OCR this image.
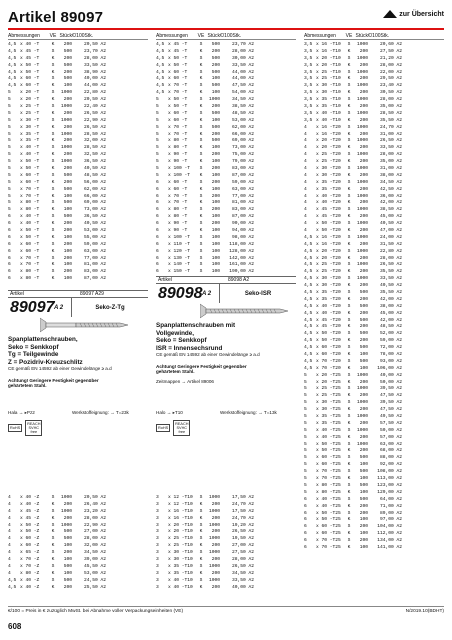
Artikel 89097	zur Übersicht
Abmessungen	VE Stück €/100Stk.
4,5 x 40 -T	K	200	20,50 A2
4,5 x 45 -T	S	500	23,70 A2
4,5 x 45 -T	K	200	28,00 A2
4,5 x 50 -T	S	500	33,50 A2
4,5 x 50 -T	K	200	38,90 A2
4,5 x 60 -T	S	500	40,00 A2
4,5 x 60 -T	K	100	44,00 A2
5	x 20 -T	S	1000	22,80 A2
5	x 20 -T	K	200	20,50 A2
5	x 25 -T	S	1000	22,40 A2
5	x 25 -T	K	200	26,50 A2
5	x 30 -T	S	1000	22,90 A2
5	x 30 -T	K	200	26,50 A2
5	x 35 -T	S	1000	28,50 A2
5	x 35 -T	K	200	32,00 A2
5	x 40 -T	S	1000	28,50 A2
5	x 40 -T	K	200	32,50 A2
5	x 50 -T	S	1000	36,50 A2
5	x 50 -T	K	200	40,50 A2
5	x 60 -T	S	500	48,50 A2
5	x 60 -T	K	200	56,00 A2
5	x 70 -T	S	500	62,00 A2
5	x 70 -T	K	100	66,00 A2
5	x 80 -T	S	500	69,00 A2
5	x 80 -T	K	100	73,00 A2
6	x 40 -T	S	500	36,50 A2
6	x 40 -T	K	200	40,50 A2
6	x 50 -T	S	200	53,00 A2
6	x 50 -T	K	100	55,00 A2
6	x 60 -T	S	200	59,00 A2
6	x 60 -T	K	100	63,00 A2
6	x 70 -T	S	200	77,00 A2
6	x 70 -T	K	100	81,00 A2
6	x 80 -T	S	200	83,00 A2
6	x 80 -T	K	100	87,00 A2
Abmessungen	VE Stück €/100Stk.
4,5 x 45 -T	S	500	23,70 A2
4,5 x 45 -T	K	200	28,00 A2
4,5 x 50 -T	S	500	30,00 A2
4,5 x 50 -T	K	200	33,50 A2
4,5 x 60 -T	S	500	44,00 A2
4,5 x 60 -T	K	100	44,00 A2
4,5 x 70 -T	S	500	47,50 A2
4,5 x 70 -T	K	100	54,00 A2
5	x 50 -T	S	1000	34,50 A2
5	x 50 -T	K	200	38,50 A2
5	x 60 -T	S	500	48,50 A2
5	x 60 -T	K	100	53,00 A2
5	x 70 -T	S	500	62,00 A2
5	x 70 -T	K	200	66,00 A2
5	x 80 -T	S	500	69,00 A2
5	x 80 -T	K	100	73,00 A2
5	x 90 -T	S	200	75,00 A2
5	x 90 -T	K	100	79,00 A2
5	x 100 -T	S	200	83,00 A2
5	x 100 -T	K	100	87,00 A2
6	x 60 -T	S	200	59,00 A2
6	x 60 -T	K	100	63,00 A2
6	x 70 -T	S	200	77,00 A2
6	x 70 -T	K	100	81,00 A2
6	x 80 -T	S	200	83,00 A2
6	x 80 -T	K	100	87,00 A2
6	x 90 -T	S	200	90,00 A2
6	x 90 -T	K	100	94,00 A2
6	x 100 -T	S	100	98,00 A2
6	x 110 -T	S	100	118,00 A2
6	x 120 -T	S	100	128,00 A2
6	x 130 -T	S	100	142,00 A2
6	x 140 -T	S	100	161,00 A2
6	x 150 -T	S	100	190,00 A2
Abmessungen	VE Stück €/100Stk.
3,5 x 16 -T10	S	1000	20,60 A2
3,5 x 16 -T10	K	200	27,50 A2
3,5 x 20 -T10	S	1000	21,20 A2
3,5 x 20 -T10	K	200	28,00 A2
3,5 x 25 -T10	S	1000	22,00 A2
3,5 x 25 -T10	K	200	29,50 A2
3,5 x 30 -T10	S	1000	23,40 A2
3,5 x 30 -T10	K	200	30,50 A2
3,5 x 35 -T10	S	1000	28,00 A2
3,5 x 35 -T10	K	200	35,00 A2
3,5 x 40 -T10	S	1000	28,50 A2
3,5 x 40 -T10	K	200	35,50 A2
4	x 16 -T20	S	1000	24,70 A2
4	x 16 -T20	K	200	31,00 A2
4	x 20 -T20	S	1000	26,50 A2
4	x 20 -T20	K	200	33,50 A2
4	x 25 -T20	S	1000	28,00 A2
4	x 25 -T20	K	200	35,00 A2
4	x 30 -T20	S	1000	31,00 A2
4	x 30 -T20	K	200	38,00 A2
4	x 35 -T20	S	1000	34,50 A2
4	x 35 -T20	K	200	42,50 A2
4	x 40 -T20	S	1000	36,00 A2
4	x 40 -T20	K	200	42,00 A2
4	x 45 -T20	S	1000	38,50 A2
4	x 45 -T20	K	200	45,00 A2
4	x 50 -T20	S	1000	40,50 A2
4	x 50 -T20	K	200	47,00 A2
4,5 x 16 -T20	S	1000	24,00 A2
4,5 x 16 -T20	K	200	31,50 A2
4,5 x 20 -T20	S	1000	22,80 A2
4,5 x 20 -T20	K	200	28,00 A2
4,5 x 25 -T20	S	1000	26,50 A2
4,5 x 25 -T20	K	200	35,50 A2
4,5 x 30 -T20	S	1000	33,50 A2
4,5 x 30 -T20	K	200	40,50 A2
4,5 x 35 -T20	S	500	35,50 A2
4,5 x 35 -T20	K	200	42,00 A2
4,5 x 40 -T20	S	500	38,00 A2
4,5 x 40 -T20	K	200	45,00 A2
4,5 x 45 -T20	S	500	42,00 A2
4,5 x 45 -T20	K	200	48,50 A2
4,5 x 50 -T20	S	500	52,00 A2
4,5 x 50 -T20	K	200	59,00 A2
4,5 x 60 -T20	S	500	72,00 A2
4,5 x 60 -T20	K	100	78,00 A2
4,5 x 70 -T20	S	500	93,00 A2
4,5 x 70 -T20	K	100	106,00 A2
5	x 20 -T25	S	1000	40,00 A2
5	x 20 -T25	K	200	50,00 A2
5	x 25 -T25	S	1000	39,50 A2
5	x 25 -T25	K	200	47,50 A2
5	x 30 -T25	S	1000	39,50 A2
5	x 30 -T25	K	200	47,50 A2
5	x 35 -T25	S	1000	49,50 A2
5	x 35 -T25	K	200	57,50 A2
5	x 40 -T25	S	1000	50,00 A2
5	x 40 -T25	K	200	57,00 A2
5	x 50 -T25	S	1000	63,00 A2
5	x 50 -T25	K	200	68,00 A2
5	x 60 -T25	S	500	88,00 A2
5	x 60 -T25	K	100	92,00 A2
5	x 70 -T25	S	500	108,00 A2
5	x 70 -T25	K	100	113,00 A2
5	x 80 -T25	S	500	123,00 A2
5	x 80 -T25	K	100	129,00 A2
6	x 40 -T25	S	500	64,00 A2
6	x 40 -T25	K	200	71,00 A2
6	x 50 -T25	S	200	89,00 A2
6	x 50 -T25	K	100	97,00 A2
6	x 60 -T25	S	200	104,00 A2
6	x 60 -T25	K	100	112,00 A2
6	x 70 -T25	S	200	134,00 A2
6	x 70 -T25	K	100	141,00 A2
Artikel	89097 A29
89097 A 2	Seko-Z-Tg
Spanplattenschrauben,
Seko = Senkkopf
Tg = Teilgewinde
Z = Pozidriv-Kreuzschlitz
CE gemäß EN 14592 ab einer Gewindelänge ≥ a.d
Achtung! Geringere Festigkeit gegenüber
gehärtetem Stahl.
Hala → ▸Pz2	Werkstoffeignung: → T=23k
RoHS
REACH
SVHC
free
4	x 40 -Z	S	1000	20,50 A2
4	x 40 -Z	K	200	26,40 A2
4	x 45 -Z	S	1000	23,20 A2
4	x 45 -Z	K	200	28,00 A2
4	x 50 -Z	S	1000	22,90 A2
4	x 50 -Z	K	500	27,00 A2
4	x 60 -Z	S	500	28,00 A2
4	x 60 -Z	K	100	32,00 A2
4	x 65 -Z	S	200	34,50 A2
4	x 70 -Z	K	100	39,00 A2
4	x 70 -Z	S	500	45,50 A2
4	x 80 -Z	K	100	53,00 A2
4,5 x 40 -Z	S	500	24,50 A2
4,5 x 40 -Z	K	200	25,50 A2
Artikel	89098 A2
89098 A 2	Seko-ISR
Spanplattenschrauben mit
Vollgewinde,
Seko = Senkkopf
ISR = Innensechsrund
CE gemäß EN 14592 ab einer Gewindelänge ≥ a.d
Achtung! Geringere Festigkeit gegenüber
gehärtetem Stahl.
Zeitmappen → Artikel 89006
Halo → ▸T10	Werkstoffeignung: → T=13k
RoHS
REACH
SVHC
free
3	x 12 -T10	S	1000	17,50 A2
3	x 12 -T10	K	200	24,70 A2
3	x 16 -T10	S	1000	17,50 A2
3	x 16 -T10	K	200	24,70 A2
3	x 20 -T10	S	1000	19,20 A2
3	x 20 -T10	K	200	26,50 A2
3	x 25 -T10	S	1000	19,50 A2
3	x 25 -T10	K	200	27,00 A2
3	x 30 -T10	S	1000	27,50 A2
3	x 30 -T10	K	200	28,00 A2
3	x 35 -T10	S	1000	26,50 A2
3	x 35 -T10	K	200	34,50 A2
3	x 40 -T10	S	1000	33,50 A2
3	x 40 -T10	K	200	40,00 A2
€/100 = Preis in € zuzüglich MwSt. bei Abnahme voller Verpackungseinheiten (VE)	N/2019.10(BDHT)
608
